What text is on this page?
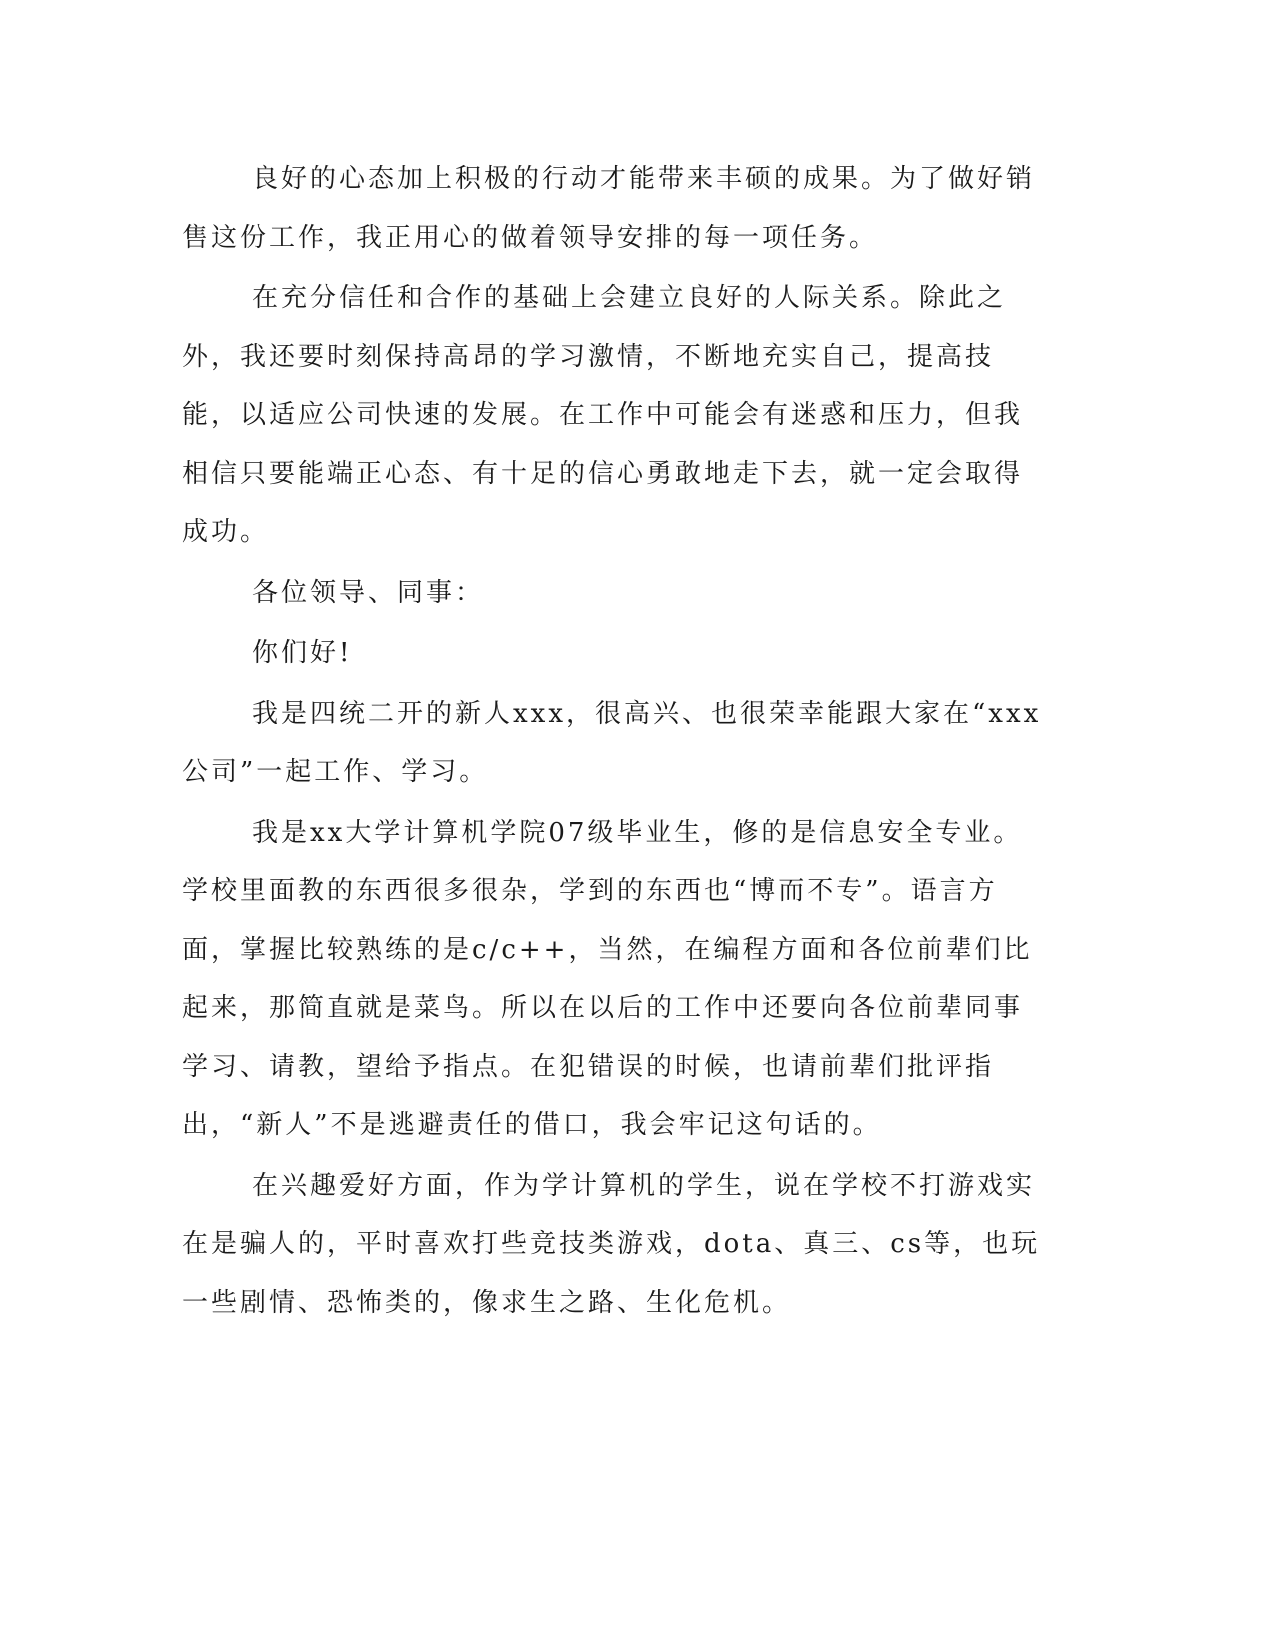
良好的心态加上积极的行动才能带来丰硕的成果。为了做好销售这份工作，我正用心的做着领导安排的每一项任务。

在充分信任和合作的基础上会建立良好的人际关系。除此之外，我还要时刻保持高昂的学习激情，不断地充实自己，提高技能，以适应公司快速的发展。在工作中可能会有迷惑和压力，但我相信只要能端正心态、有十足的信心勇敢地走下去，就一定会取得成功。

各位领导、同事：

你们好!

我是四统二开的新人xxx，很高兴、也很荣幸能跟大家在“xxx公司”一起工作、学习。

我是xx大学计算机学院07级毕业生，修的是信息安全专业。学校里面教的东西很多很杂，学到的东西也“博而不专”。语言方面，掌握比较熟练的是c/c++，当然，在编程方面和各位前辈们比起来，那简直就是菜鸟。所以在以后的工作中还要向各位前辈同事学习、请教，望给予指点。在犯错误的时候，也请前辈们批评指出，“新人”不是逃避责任的借口，我会牢记这句话的。

在兴趣爱好方面，作为学计算机的学生，说在学校不打游戏实在是骗人的，平时喜欢打些竞技类游戏，dota、真三、cs等，也玩一些剧情、恐怖类的，像求生之路、生化危机。
